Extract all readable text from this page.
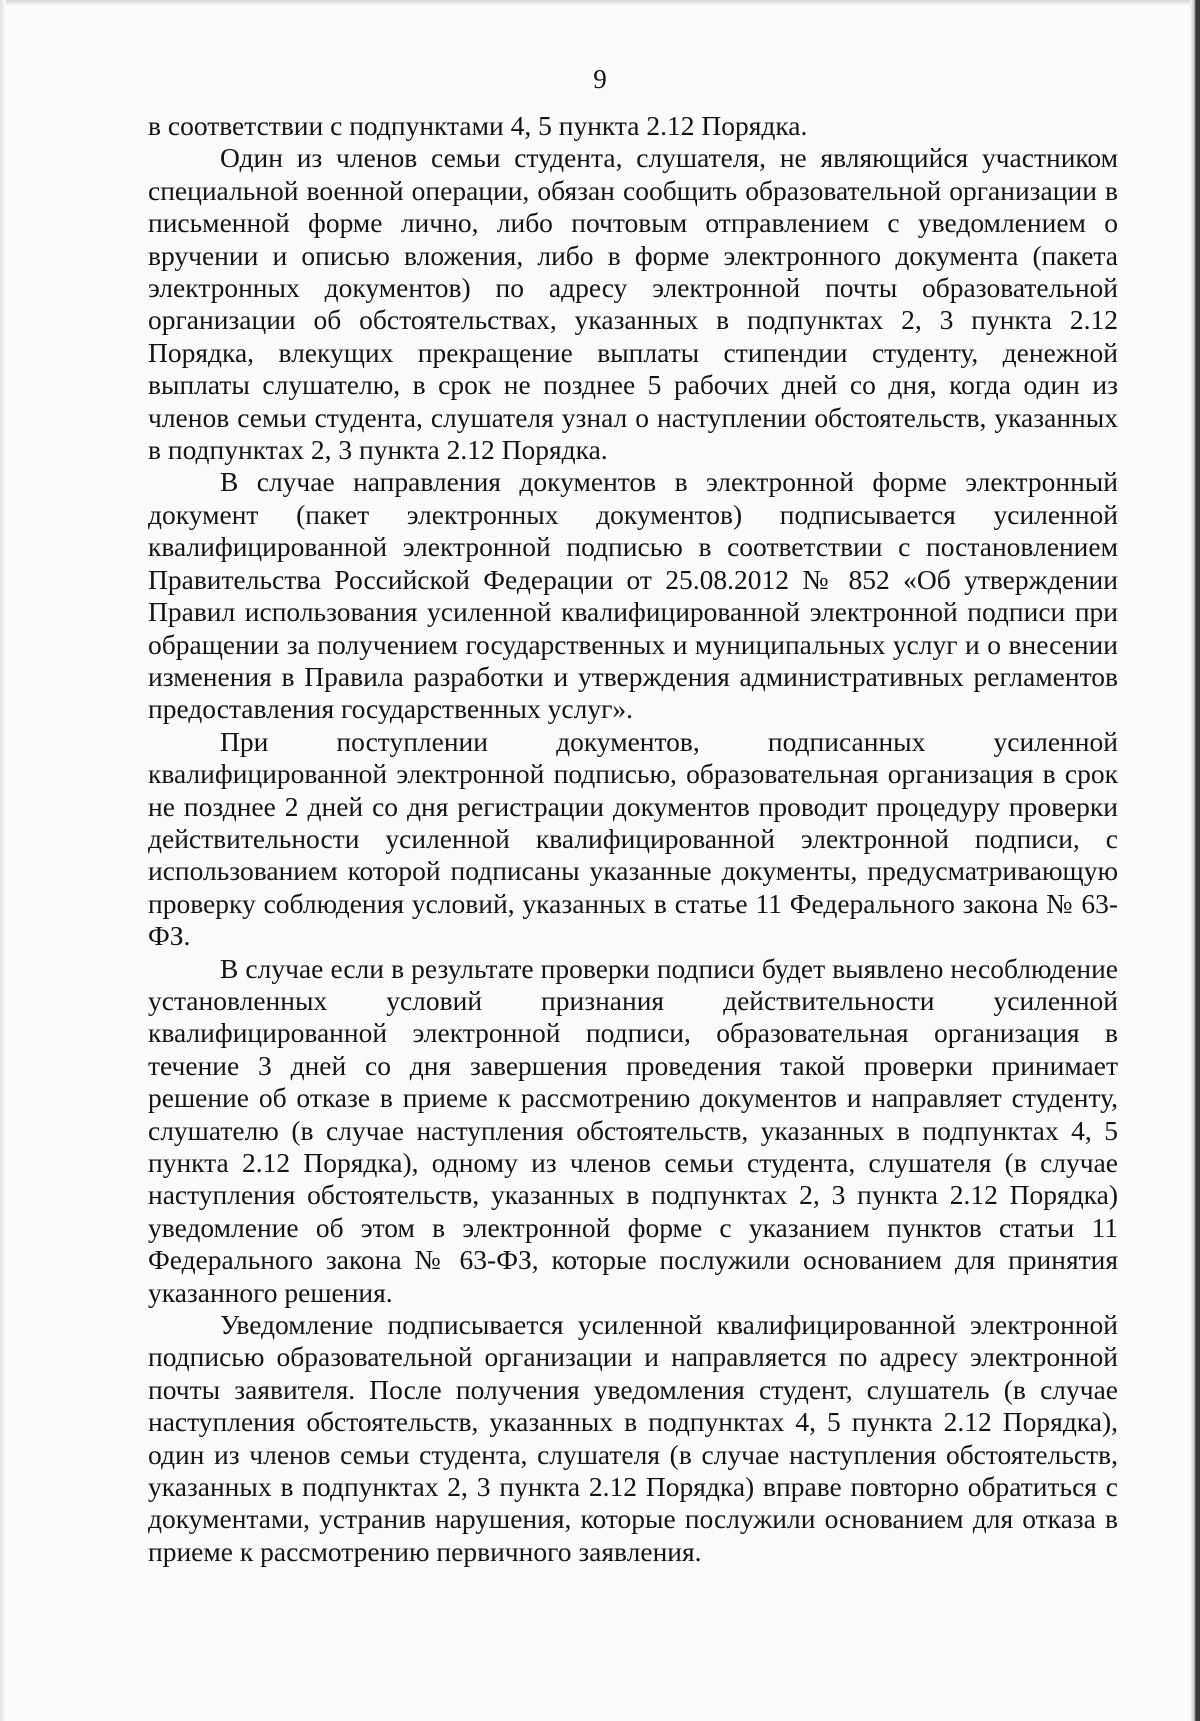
9

в соответствии с подпунктами 4, 5 пункта 2.12 Порядка.

Один из членов семьи студента, слушателя, не являющийся участником специальной военной операции, обязан сообщить образовательной организации в письменной форме лично, либо почтовым отправлением с уведомлением о вручении и описью вложения, либо в форме электронного документа (пакета электронных документов) по адресу электронной почты образовательной организации об обстоятельствах, указанных в подпунктах 2, 3 пункта 2.12 Порядка, влекущих прекращение выплаты стипендии студенту, денежной выплаты слушателю, в срок не позднее 5 рабочих дней со дня, когда один из членов семьи студента, слушателя узнал о наступлении обстоятельств, указанных в подпунктах 2, 3 пункта 2.12 Порядка.

В случае направления документов в электронной форме электронный документ (пакет электронных документов) подписывается усиленной квалифицированной электронной подписью в соответствии с постановлением Правительства Российской Федерации от 25.08.2012 № 852 «Об утверждении Правил использования усиленной квалифицированной электронной подписи при обращении за получением государственных и муниципальных услуг и о внесении изменения в Правила разработки и утверждения административных регламентов предоставления государственных услуг».

При поступлении документов, подписанных усиленной квалифицированной электронной подписью, образовательная организация в срок не позднее 2 дней со дня регистрации документов проводит процедуру проверки действительности усиленной квалифицированной электронной подписи, с использованием которой подписаны указанные документы, предусматривающую проверку соблюдения условий, указанных в статье 11 Федерального закона № 63-ФЗ.

В случае если в результате проверки подписи будет выявлено несоблюдение установленных условий признания действительности усиленной квалифицированной электронной подписи, образовательная организация в течение 3 дней со дня завершения проведения такой проверки принимает решение об отказе в приеме к рассмотрению документов и направляет студенту, слушателю (в случае наступления обстоятельств, указанных в подпунктах 4, 5 пункта 2.12 Порядка), одному из членов семьи студента, слушателя (в случае наступления обстоятельств, указанных в подпунктах 2, 3 пункта 2.12 Порядка) уведомление об этом в электронной форме с указанием пунктов статьи 11 Федерального закона № 63-ФЗ, которые послужили основанием для принятия указанного решения.

Уведомление подписывается усиленной квалифицированной электронной подписью образовательной организации и направляется по адресу электронной почты заявителя. После получения уведомления студент, слушатель (в случае наступления обстоятельств, указанных в подпунктах 4, 5 пункта 2.12 Порядка), один из членов семьи студента, слушателя (в случае наступления обстоятельств, указанных в подпунктах 2, 3 пункта 2.12 Порядка) вправе повторно обратиться с документами, устранив нарушения, которые послужили основанием для отказа в приеме к рассмотрению первичного заявления.
